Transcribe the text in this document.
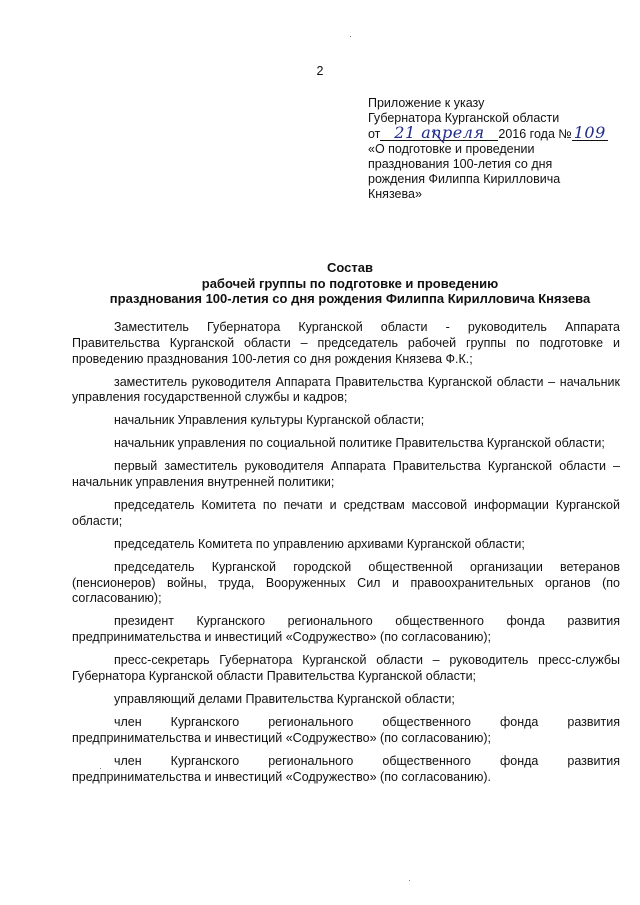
2
Приложение к указу
Губернатора Курганской области
от 21 апреля	2016 года № 109
«О подготовке и проведении
празднования 100-летия со дня
рождения Филиппа Кирилловича
Князева»
Состав
рабочей группы по подготовке и проведению
празднования 100-летия со дня рождения Филиппа Кирилловича Князева

Заместитель Губернатора Курганской области - руководитель Аппарата Правительства Курганской области – председатель рабочей группы по подготовке и проведению празднования 100-летия со дня рождения Князева Ф.К.;

заместитель руководителя Аппарата Правительства Курганской области – начальник управления государственной службы и кадров;

начальник Управления культуры Курганской области;

начальник управления по социальной политике Правительства Курганской области;

первый заместитель руководителя Аппарата Правительства Курганской области – начальник управления внутренней политики;

председатель Комитета по печати и средствам массовой информации Курганской области;

председатель Комитета по управлению архивами Курганской области;

председатель Курганской городской общественной организации ветеранов (пенсионеров) войны, труда, Вооруженных Сил и правоохранительных органов (по согласованию);

президент Курганского регионального общественного фонда развития предпринимательства и инвестиций «Содружество» (по согласованию);

пресс-секретарь Губернатора Курганской области – руководитель пресс-службы Губернатора Курганской области Правительства Курганской области;

управляющий делами Правительства Курганской области;

член Курганского регионального общественного фонда развития предпринимательства и инвестиций «Содружество» (по согласованию);

член Курганского регионального общественного фонда развития предпринимательства и инвестиций «Содружество» (по согласованию).
